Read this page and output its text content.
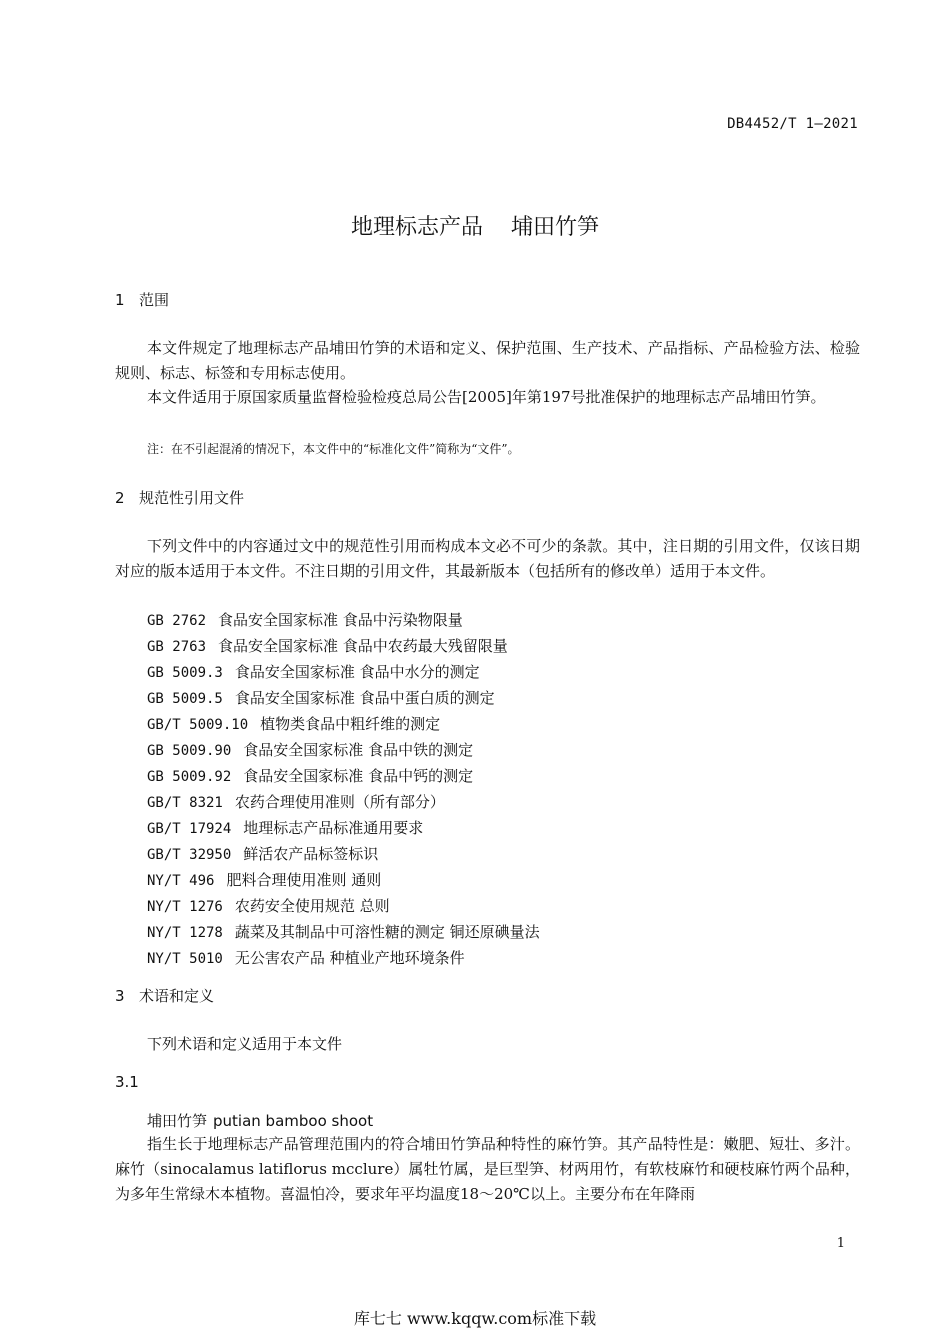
DB4452/T 1—2021
地理标志产品 埔田竹笋
1 范围

本文件规定了地理标志产品埔田竹笋的术语和定义、保护范围、生产技术、产品指标、产品检验方法、检验规则、标志、标签和专用标志使用。

本文件适用于原国家质量监督检验检疫总局公告[2005]年第197号批准保护的地理标志产品埔田竹笋。

注：在不引起混淆的情况下，本文件中的“标准化文件”简称为“文件”。
2 规范性引用文件

下列文件中的内容通过文中的规范性引用而构成本文必不可少的条款。其中，注日期的引用文件，仅该日期对应的版本适用于本文件。不注日期的引用文件，其最新版本（包括所有的修改单）适用于本文件。

GB 2762 食品安全国家标准 食品中污染物限量
GB 2763 食品安全国家标准 食品中农药最大残留限量
GB 5009.3 食品安全国家标准 食品中水分的测定
GB 5009.5 食品安全国家标准 食品中蛋白质的测定
GB/T 5009.10 植物类食品中粗纤维的测定
GB 5009.90 食品安全国家标准 食品中铁的测定
GB 5009.92 食品安全国家标准 食品中钙的测定
GB/T 8321 农药合理使用准则（所有部分）
GB/T 17924 地理标志产品标准通用要求
GB/T 32950 鲜活农产品标签标识
NY/T 496 肥料合理使用准则 通则
NY/T 1276 农药安全使用规范 总则
NY/T 1278 蔬菜及其制品中可溶性糖的测定 铜还原碘量法
NY/T 5010 无公害农产品 种植业产地环境条件
3 术语和定义

下列术语和定义适用于本文件

3.1
埔田竹笋 putian bamboo shoot

指生长于地理标志产品管理范围内的符合埔田竹笋品种特性的麻竹笋。其产品特性是：嫩肥、短壮、多汁。麻竹（sinocalamus latiflorus mcclure）属牡竹属，是巨型笋、材两用竹，有软枝麻竹和硬枝麻竹两个品种，为多年生常绿木本植物。喜温怕冷，要求年平均温度18～20℃以上。主要分布在年降雨

1
库七七 www.kqqw.com标准下载
